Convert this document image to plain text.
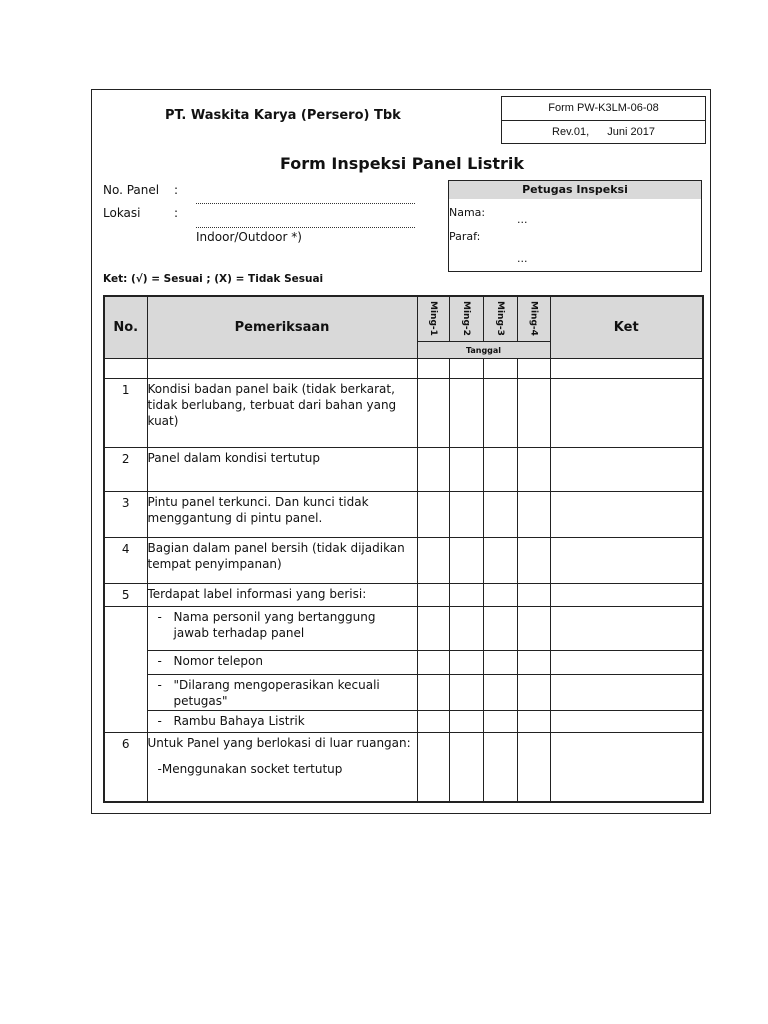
PT. Waskita Karya (Persero) Tbk	Form PW-K3LM-06-08
Rev.01, Juni 2017
Form Inspeksi Panel Listrik
No. Panel :
Lokasi	:
Indoor/Outdoor *)
Petugas Inspeksi
Nama:
...
Paraf:
...
Ket: (√) = Sesuai ; (X) = Tidak Sesuai
No.	Pemeriksaan	Ming-1	Ming-2	Ming-3	Ming-4	Ket
		Tanggal				

1	Kondisi badan panel baik (tidak berkarat, tidak berlubang, terbuat dari bahan yang kuat)					
2	Panel dalam kondisi tertutup					
3	Pintu panel terkunci. Dan kunci tidak menggantung di pintu panel.					
4	Bagian dalam panel bersih (tidak dijadikan tempat penyimpanan)					
5	Terdapat label informasi yang berisi:					
	- Nama personil yang bertanggung jawab terhadap panel					
	- Nomor telepon					
	- "Dilarang mengoperasikan kecuali petugas"					
	- Rambu Bahaya Listrik					
6	Untuk Panel yang berlokasi di luar ruangan:
-Menggunakan socket tertutup					
